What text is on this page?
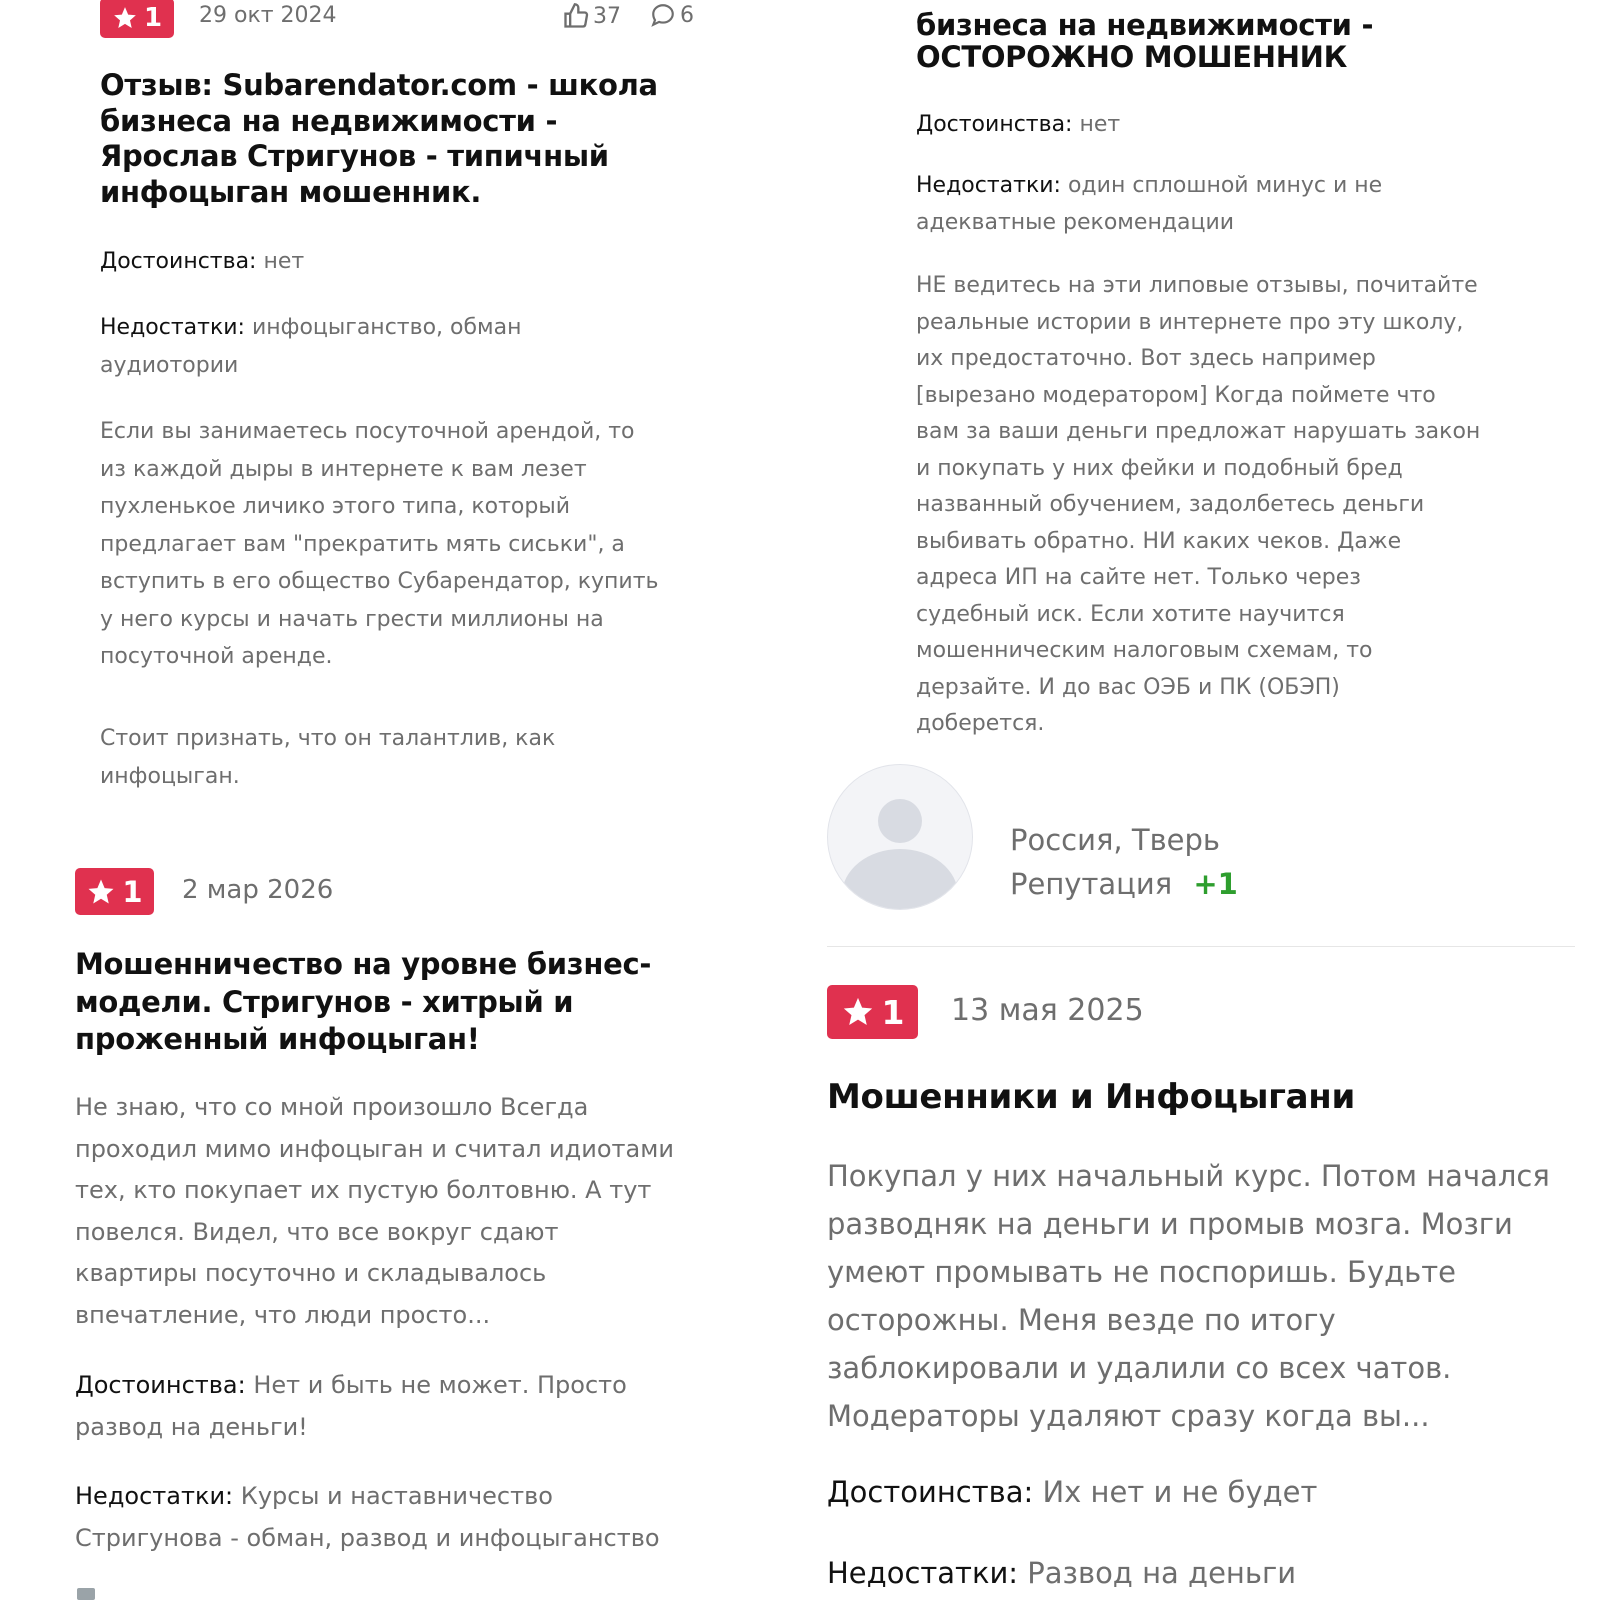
1 29 окт 2024	37	6
Отзыв: Subarendator.com - школа
бизнеса на недвижимости -
Ярослав Стригунов - типичный
инфоцыган мошенник.

Достоинства: нет

Недостатки: инфоцыганство, обман
аудиотории

Если вы занимаетесь посуточной арендой, то
из каждой дыры в интернете к вам лезет
пухленькое личико этого типа, который
предлагает вам "прекратить мять сиськи", а
вступить в его общество Субарендатор, купить
у него курсы и начать грести миллионы на
посуточной аренде.
Стоит признать, что он талантлив, как
инфоцыган.
бизнеса на недвижимости -
ОСТОРОЖНО МОШЕННИК

Достоинства: нет

Недостатки: один сплошной минус и не
адекватные рекомендации

НЕ ведитесь на эти липовые отзывы, почитайте
реальные истории в интернете про эту школу,
их предостаточно. Вот здесь например
[вырезано модератором] Когда поймете что
вам за ваши деньги предложат нарушать закон
и покупать у них фейки и подобный бред
названный обучением, задолбетесь деньги
выбивать обратно. НИ каких чеков. Даже
адреса ИП на сайте нет. Только через
судебный иск. Если хотите научится
мошенническим налоговым схемам, то
дерзайте. И до вас ОЭБ и ПК (ОБЭП)
доберется.
Россия, Тверь
Репутация +1
1 2 мар 2026
Мошенничество на уровне бизнес-
модели. Стригунов - хитрый и
проженный инфоцыган!
Не знаю, что со мной произошло Всегда
проходил мимо инфоцыган и считал идиотами
тех, кто покупает их пустую болтовню. А тут
повелся. Видел, что все вокруг сдают
квартиры посуточно и складывалось
впечатление, что люди просто...

Достоинства: Нет и быть не может. Просто
развод на деньги!

Недостатки: Курсы и наставничество
Стригунова - обман, развод и инфоцыганство

1 13 мая 2025
Мошенники и Инфоцыгани
Покупал у них начальный курс. Потом начался
разводняк на деньги и промыв мозга. Мозги
умеют промывать не поспоришь. Будьте
осторожны. Меня везде по итогу
заблокировали и удалили со всех чатов.
Модераторы удаляют сразу когда вы...

Достоинства: Их нет и не будет

Недостатки: Развод на деньги
